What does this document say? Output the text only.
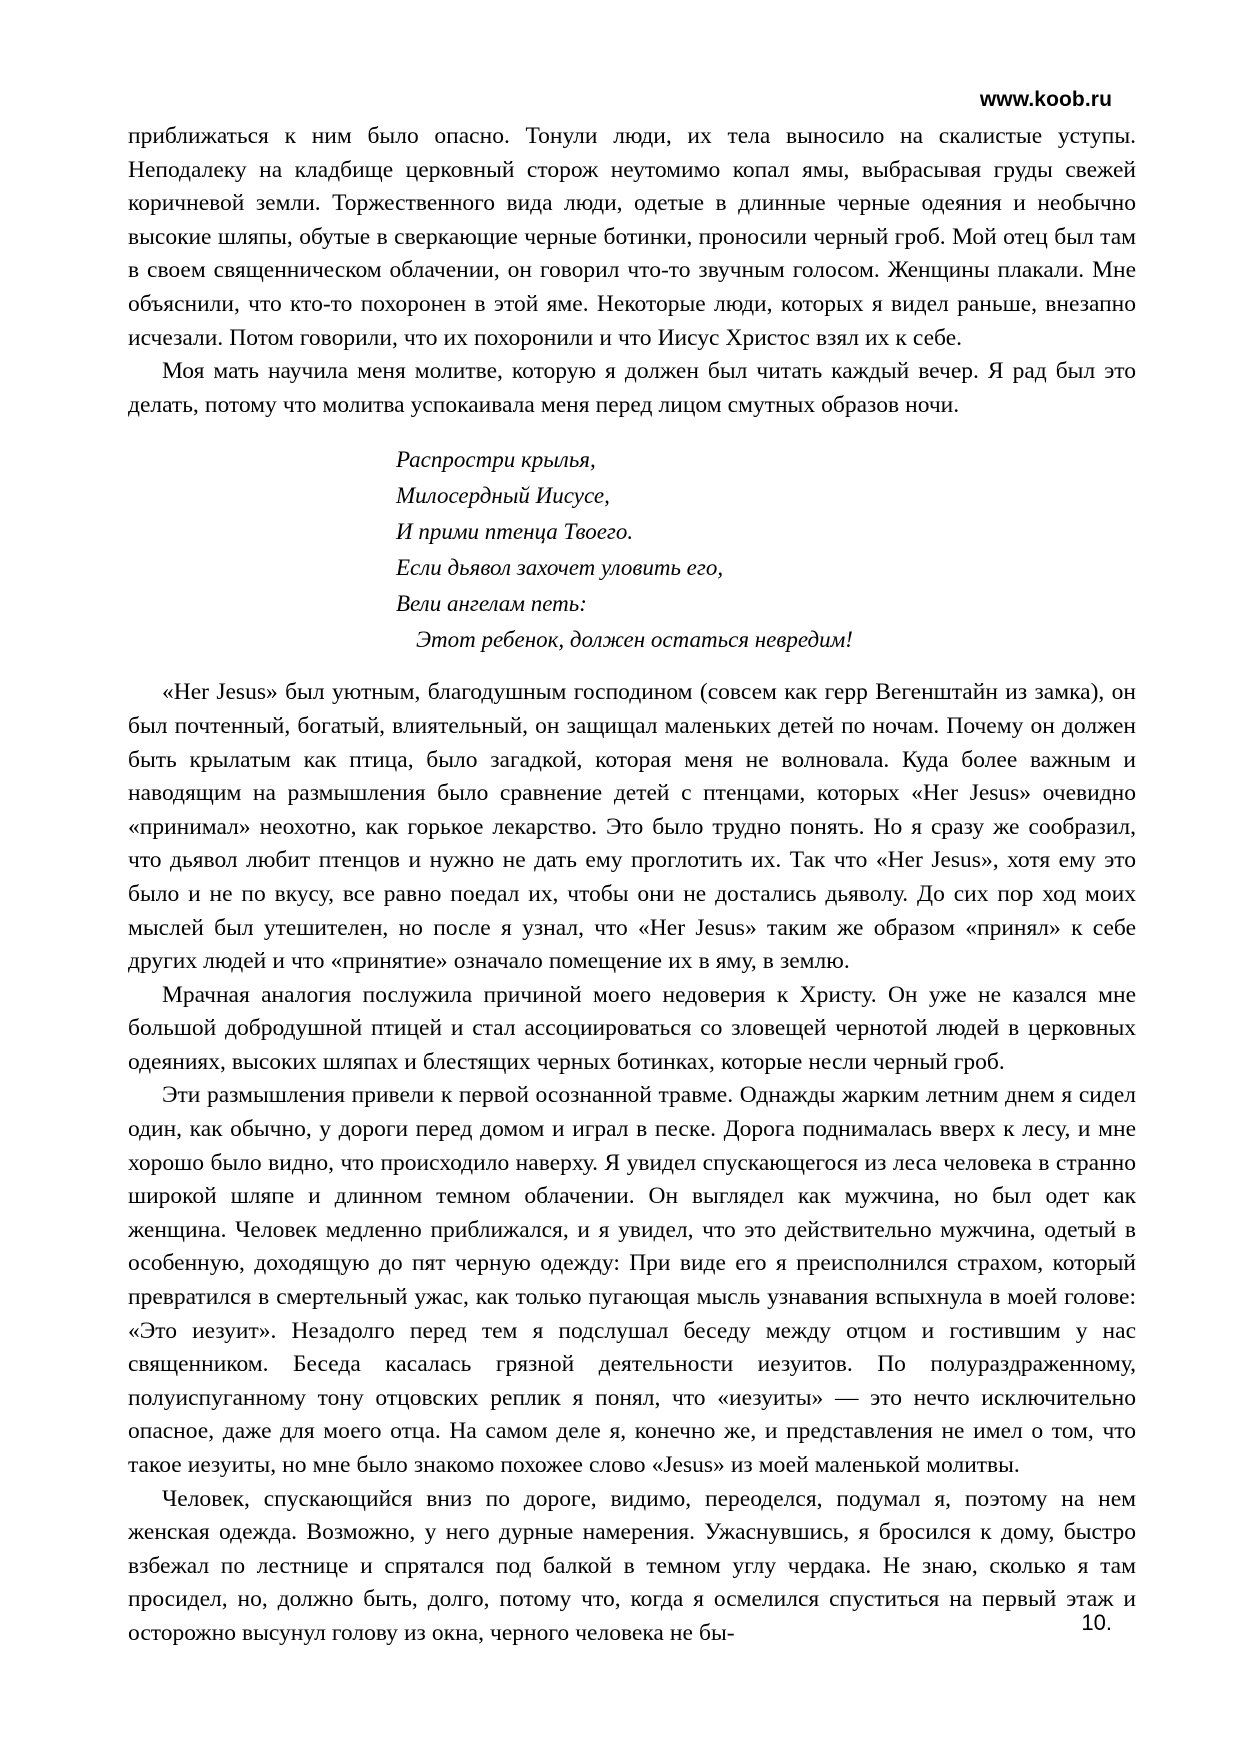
www.koob.ru

приближаться к ним было опасно. Тонули люди, их тела выносило на скалистые уступы. Неподалеку на кладбище церковный сторож неутомимо копал ямы, выбрасывая груды свежей коричневой земли. Торжественного вида люди, одетые в длинные черные одеяния и необычно высокие шляпы, обутые в сверкающие черные ботинки, проносили черный гроб. Мой отец был там в своем священническом облачении, он говорил что-то звучным голосом. Женщины плакали. Мне объяснили, что кто-то похоронен в этой яме. Некоторые люди, которых я видел раньше, внезапно исчезали. Потом говорили, что их похоронили и что Иисус Христос взял их к себе.

Моя мать научила меня молитве, которую я должен был читать каждый вечер. Я рад был это делать, потому что молитва успокаивала меня перед лицом смутных образов ночи.

Распростри крылья,
Милосердный Иисусе,
И прими птенца Твоего.
Если дьявол захочет уловить его,
Вели ангелам петь:
Этот ребенок, должен остаться невредим!

«Her Jesus» был уютным, благодушным господином (совсем как герр Вегенштайн из замка), он был почтенный, богатый, влиятельный, он защищал маленьких детей по ночам. Почему он должен быть крылатым как птица, было загадкой, которая меня не волновала. Куда более важным и наводящим на размышления было сравнение детей с птенцами, которых «Her Jesus» очевидно «принимал» неохотно, как горькое лекарство. Это было трудно понять. Но я сразу же сообразил, что дьявол любит птенцов и нужно не дать ему проглотить их. Так что «Her Jesus», хотя ему это было и не по вкусу, все равно поедал их, чтобы они не достались дьяволу. До сих пор ход моих мыслей был утешителен, но после я узнал, что «Her Jesus» таким же образом «принял» к себе других людей и что «принятие» означало помещение их в яму, в землю.

Мрачная аналогия послужила причиной моего недоверия к Христу. Он уже не казался мне большой добродушной птицей и стал ассоциироваться со зловещей чернотой людей в церковных одеяниях, высоких шляпах и блестящих черных ботинках, которые несли черный гроб.

Эти размышления привели к первой осознанной травме. Однажды жарким летним днем я сидел один, как обычно, у дороги перед домом и играл в песке. Дорога поднималась вверх к лесу, и мне хорошо было видно, что происходило наверху. Я увидел спускающегося из леса человека в странно широкой шляпе и длинном темном облачении. Он выглядел как мужчина, но был одет как женщина. Человек медленно приближался, и я увидел, что это действительно мужчина, одетый в особенную, доходящую до пят черную одежду: При виде его я преисполнился страхом, который превратился в смертельный ужас, как только пугающая мысль узнавания вспыхнула в моей голове: «Это иезуит». Незадолго перед тем я подслушал беседу между отцом и гостившим у нас священником. Беседа касалась грязной деятельности иезуитов. По полураздраженному, полуиспуганному тону отцовских реплик я понял, что «иезуиты» — это нечто исключительно опасное, даже для моего отца. На самом деле я, конечно же, и представления не имел о том, что такое иезуиты, но мне было знакомо похожее слово «Jesus» из моей маленькой молитвы.

Человек, спускающийся вниз по дороге, видимо, переоделся, подумал я, поэтому на нем женская одежда. Возможно, у него дурные намерения. Ужаснувшись, я бросился к дому, быстро взбежал по лестнице и спрятался под балкой в темном углу чердака. Не знаю, сколько я там просидел, но, должно быть, долго, потому что, когда я осмелился спуститься на первый этаж и осторожно высунул голову из окна, черного человека не бы-	10.
